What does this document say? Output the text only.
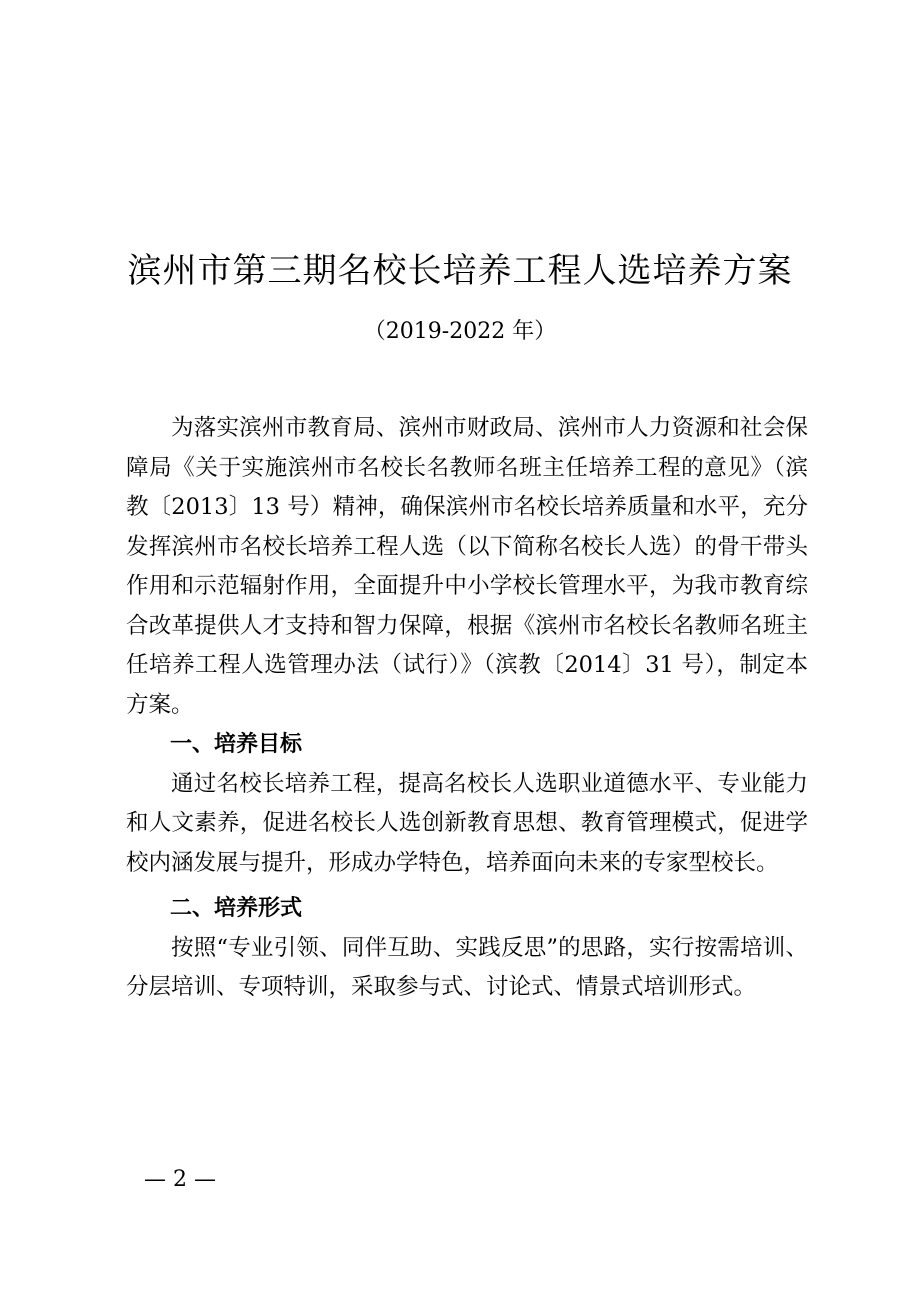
滨州市第三期名校长培养工程人选培养方案
（2019-2022 年）

为落实滨州市教育局、滨州市财政局、滨州市人力资源和社会保障局《关于实施滨州市名校长名教师名班主任培养工程的意见》（滨教〔2013〕13 号）精神，确保滨州市名校长培养质量和水平，充分发挥滨州市名校长培养工程人选（以下简称名校长人选）的骨干带头作用和示范辐射作用，全面提升中小学校长管理水平，为我市教育综合改革提供人才支持和智力保障，根据《滨州市名校长名教师名班主任培养工程人选管理办法（试行）》（滨教〔2014〕31 号），制定本方案。

一、培养目标

通过名校长培养工程，提高名校长人选职业道德水平、专业能力和人文素养，促进名校长人选创新教育思想、教育管理模式，促进学校内涵发展与提升，形成办学特色，培养面向未来的专家型校长。

二、培养形式

按照“专业引领、同伴互助、实践反思”的思路，实行按需培训、分层培训、专项特训，采取参与式、讨论式、情景式培训形式。

— 2 —
